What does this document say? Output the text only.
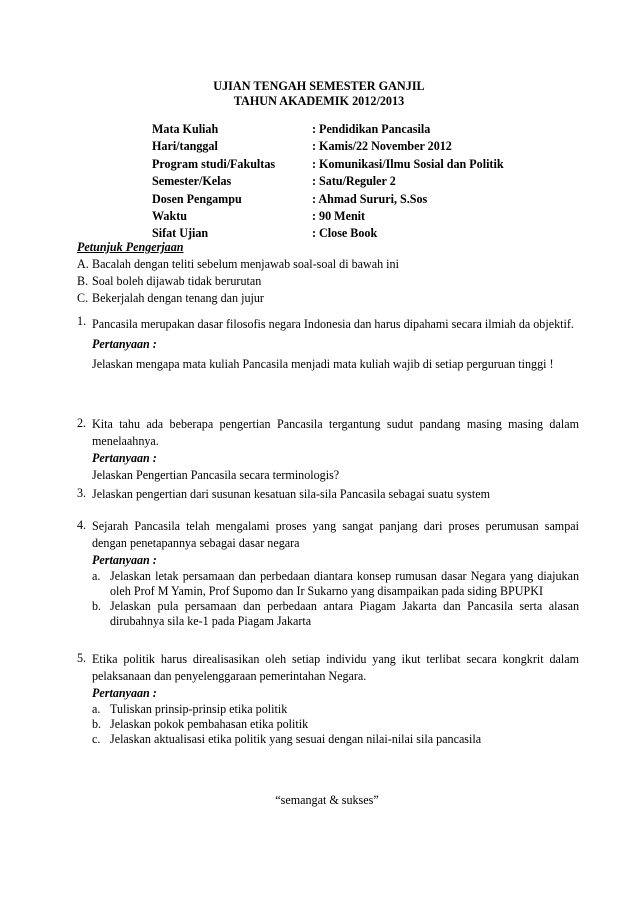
UJIAN TENGAH SEMESTER GANJIL
TAHUN AKADEMIK 2012/2013
Mata Kuliah	: Pendidikan Pancasila
Hari/tanggal	: Kamis/22 November 2012
Program studi/Fakultas	: Komunikasi/Ilmu Sosial dan Politik
Semester/Kelas	: Satu/Reguler 2
Dosen Pengampu	: Ahmad Sururi, S.Sos
Waktu	: 90 Menit
Sifat Ujian	: Close Book
Petunjuk Pengerjaan
A. Bacalah dengan teliti sebelum menjawab soal-soal di bawah ini
B. Soal boleh dijawab tidak berurutan
C. Bekerjalah dengan tenang dan jujur
1. Pancasila merupakan dasar filosofis negara Indonesia dan harus dipahami secara ilmiah da objektif.

Pertanyaan :

Jelaskan mengapa mata kuliah Pancasila menjadi mata kuliah wajib di setiap perguruan tinggi !

2. Kita tahu ada beberapa pengertian Pancasila tergantung sudut pandang masing masing dalam menelaahnya.

Pertanyaan :

Jelaskan Pengertian Pancasila secara terminologis?

3. Jelaskan pengertian dari susunan kesatuan sila-sila Pancasila sebagai suatu system

4. Sejarah Pancasila telah mengalami proses yang sangat panjang dari proses perumusan sampai dengan penetapannya sebagai dasar negara

Pertanyaan :

a. Jelaskan letak persamaan dan perbedaan diantara konsep rumusan dasar Negara yang diajukan oleh Prof M Yamin, Prof Supomo dan Ir Sukarno yang disampaikan pada siding BPUPKI
b. Jelaskan pula persamaan dan perbedaan antara Piagam Jakarta dan Pancasila serta alasan dirubahnya sila ke-1 pada Piagam Jakarta
5. Etika politik harus direalisasikan oleh setiap individu yang ikut terlibat secara kongkrit dalam pelaksanaan dan penyelenggaraan pemerintahan Negara.

Pertanyaan :

a. Tuliskan prinsip-prinsip etika politik
b. Jelaskan pokok pembahasan etika politik
c. Jelaskan aktualisasi etika politik yang sesuai dengan nilai-nilai sila pancasila
“semangat & sukses”
